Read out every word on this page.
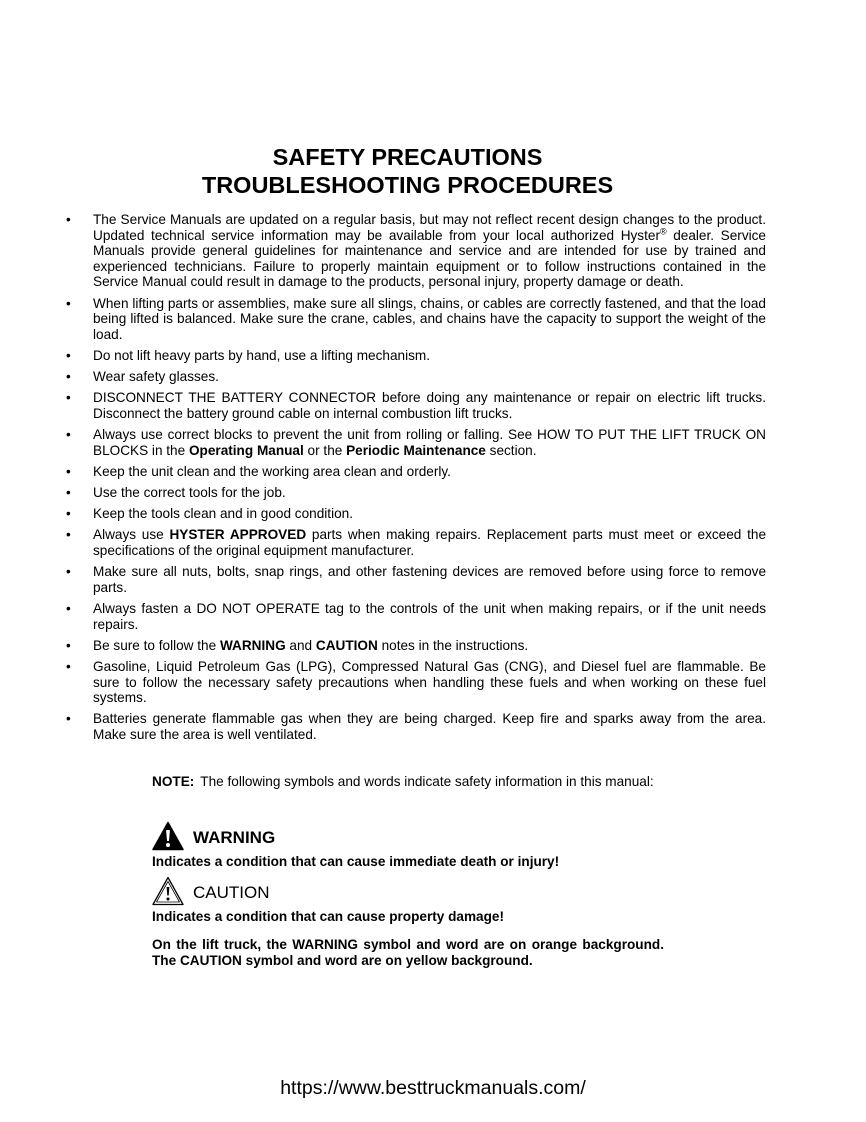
SAFETY PRECAUTIONS
TROUBLESHOOTING PROCEDURES
• The Service Manuals are updated on a regular basis, but may not reflect recent design changes to the product. Updated technical service information may be available from your local authorized Hyster® dealer. Service Manuals provide general guidelines for maintenance and service and are intended for use by trained and experienced technicians. Failure to properly maintain equipment or to follow instructions contained in the Service Manual could result in damage to the products, personal injury, property damage or death.
• When lifting parts or assemblies, make sure all slings, chains, or cables are correctly fastened, and that the load being lifted is balanced. Make sure the crane, cables, and chains have the capacity to support the weight of the load.
• Do not lift heavy parts by hand, use a lifting mechanism.
• Wear safety glasses.
• DISCONNECT THE BATTERY CONNECTOR before doing any maintenance or repair on electric lift trucks. Disconnect the battery ground cable on internal combustion lift trucks.
• Always use correct blocks to prevent the unit from rolling or falling. See HOW TO PUT THE LIFT TRUCK ON BLOCKS in the Operating Manual or the Periodic Maintenance section.
• Keep the unit clean and the working area clean and orderly.
• Use the correct tools for the job.
• Keep the tools clean and in good condition.
• Always use HYSTER APPROVED parts when making repairs. Replacement parts must meet or exceed the specifications of the original equipment manufacturer.
• Make sure all nuts, bolts, snap rings, and other fastening devices are removed before using force to remove parts.
• Always fasten a DO NOT OPERATE tag to the controls of the unit when making repairs, or if the unit needs repairs.
• Be sure to follow the WARNING and CAUTION notes in the instructions.
• Gasoline, Liquid Petroleum Gas (LPG), Compressed Natural Gas (CNG), and Diesel fuel are flammable. Be sure to follow the necessary safety precautions when handling these fuels and when working on these fuel systems.
• Batteries generate flammable gas when they are being charged. Keep fire and sparks away from the area. Make sure the area is well ventilated.
NOTE: The following symbols and words indicate safety information in this manual:
WARNING
Indicates a condition that can cause immediate death or injury!
CAUTION
Indicates a condition that can cause property damage!
On the lift truck, the WARNING symbol and word are on orange background. The CAUTION symbol and word are on yellow background.
https://www.besttruckmanuals.com/
